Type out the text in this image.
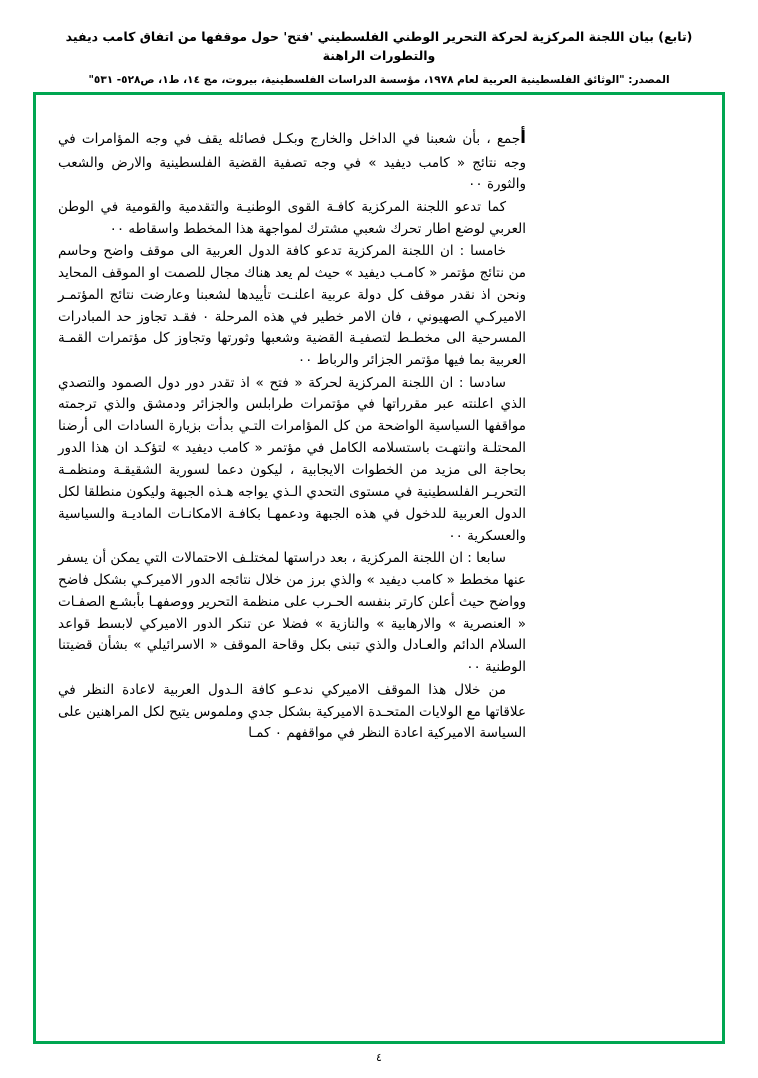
(تابع) بيان اللجنة المركزية لحركة التحرير الوطني الفلسطيني 'فتح' حول موقفها من اتفاق كامب ديفيد والتطورات الراهنة
المصدر: "الوثائق الفلسطينية العربية لعام ١٩٧٨، مؤسسة الدراسات الفلسطينية، بيروت، مج ١٤، ط١، ص٥٢٨- ٥٣١"

أجمع ، بأن شعبنا في الداخل والخارج وبكـل فصائله يقف في وجه المؤامرات في وجه نتائج « كامب ديفيد » في وجه تصفية القضية الفلسطينية والارض والشعب والثورة ٠٠

كما تدعو اللجنة المركزية كافـة القوى الوطنيـة والتقدمية والقومية في الوطن العربي لوضع اطار تحرك شعبي مشترك لمواجهة هذا المخطط واسقاطه ٠٠

خامسا : ان اللجنة المركزية تدعو كافة الدول العربية الى موقف واضح وحاسم من نتائج مؤتمر « كامـب ديفيد » حيث لم يعد هناك مجال للصمت او الموقف المحايد ونحن اذ نقدر موقف كل دولة عربية اعلنـت تأييدها لشعبنا وعارضت نتائج المؤتمـر الاميركـي الصهيوني ، فان الامر خطير في هذه المرحلة ٠ فقـد تجاوز حد المبادرات المسرحية الى مخطـط لتصفيـة القضية وشعبها وثورتها وتجاوز كل مؤتمرات القمـة العربية بما فيها مؤتمر الجزائر والرباط ٠٠

سادسا : ان اللجنة المركزية لحركة « فتح » اذ تقدر دور دول الصمود والتصدي الذي اعلنته عبر مقرراتها في مؤتمرات طرابلس والجزائر ودمشق والذي ترجمته مواقفها السياسية الواضحة من كل المؤامرات التـي بدأت بزيارة السادات الى أرضنا المحتلـة وانتهـت باستسلامه الكامل في مؤتمر « كامب ديفيد » لتؤكـد ان هذا الدور بحاجة الى مزيد من الخطوات الايجابية ، ليكون دعما لسورية الشقيقـة ومنظمـة التحريـر الفلسطينية في مستوى التحدي الـذي يواجه هـذه الجبهة وليكون منطلقا لكل الدول العربية للدخول في هذه الجبهة ودعمهـا بكافـة الامكانـات الماديـة والسياسية والعسكرية ٠٠

سابعا : ان اللجنة المركزية ، بعد دراستها لمختلـف الاحتمالات التي يمكن أن يسفر عنها مخطط « كامب ديفيد » والذي برز من خلال نتائجه الدور الاميركـي بشكل فاضح وواضح حيث أعلن كارتر بنفسه الحـرب على منظمة التحرير ووصفهـا بأبشـع الصفـات « العنصرية » والارهابية » والنازية » فضلا عن تنكر الدور الاميركي لابسط قواعد السلام الدائم والعـادل والذي تبنى بكل وقاحة الموقف « الاسرائيلي » بشأن قضيتنا الوطنية ٠٠

من خلال هذا الموقف الاميركي ندعـو كافة الـدول العربية لاعادة النظر في علاقاتها مع الولايات المتحـدة الاميركية بشكل جدي وملموس يتيح لكل المراهنين على السياسة الاميركية اعادة النظر في مواقفهم ٠ كمـا

٤
